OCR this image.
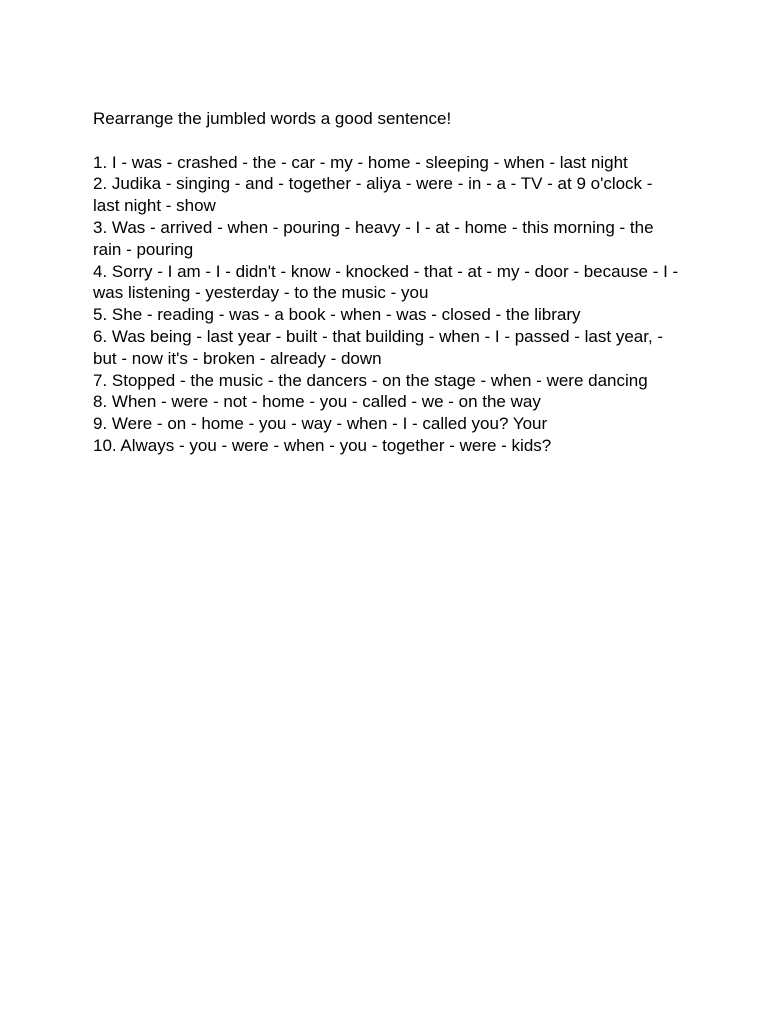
Rearrange the jumbled words a good sentence!

1. I - was - crashed - the - car - my - home - sleeping - when - last night
2. Judika - singing - and - together - aliya - were - in - a - TV - at 9 o'clock - last night - show
3. Was - arrived - when - pouring - heavy - I - at - home - this morning - the rain - pouring
4. Sorry - I am - I - didn't - know - knocked - that - at - my - door - because - I - was listening - yesterday - to the music - you
5. She - reading - was - a book - when - was - closed - the library
6. Was being - last year - built - that building - when - I - passed - last year, - but - now it's - broken - already - down
7. Stopped - the music - the dancers - on the stage - when - were dancing
8. When - were - not - home - you - called - we - on the way
9. Were - on - home - you - way - when - I - called you? Your
10. Always - you - were - when - you - together - were - kids?
